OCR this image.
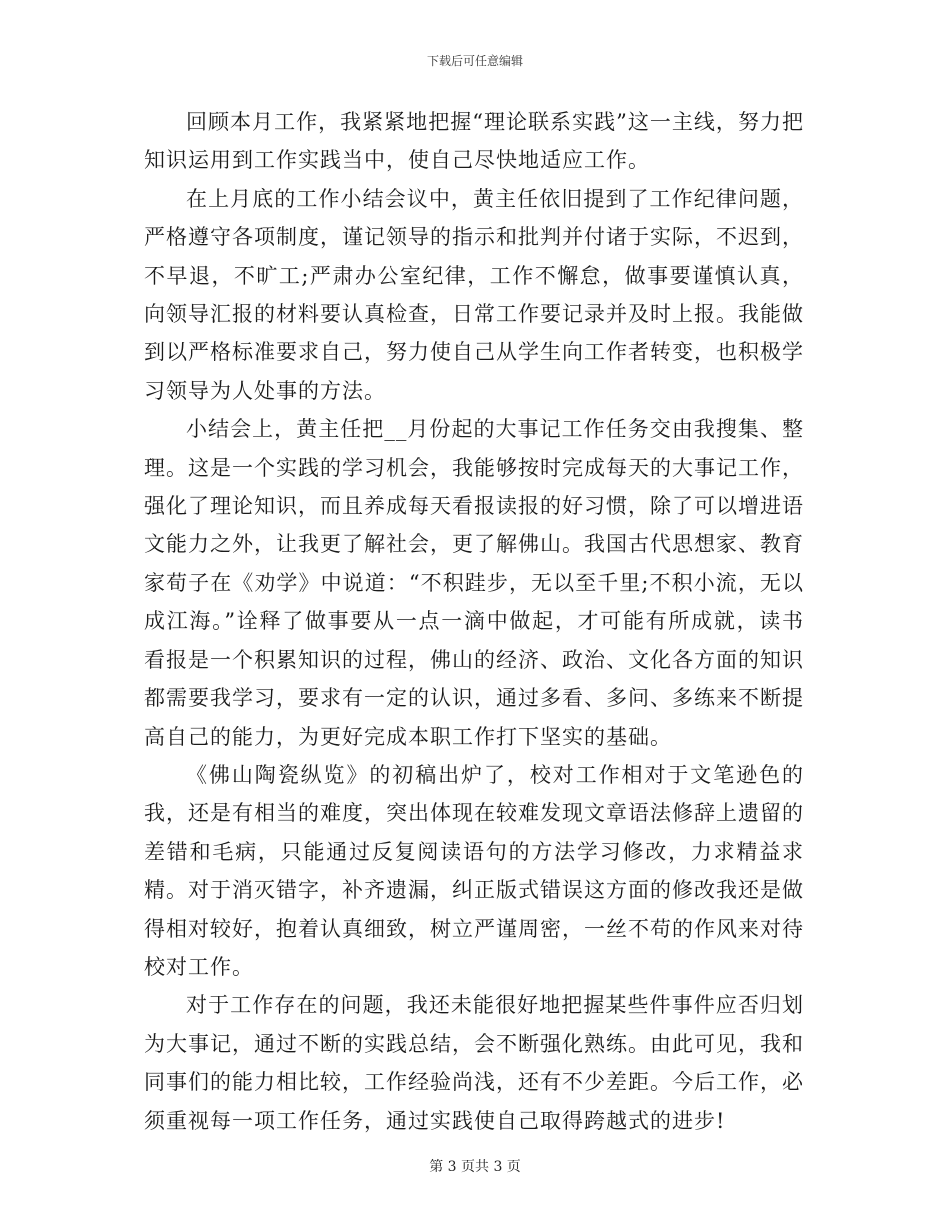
下载后可任意编辑

回顾本月工作，我紧紧地把握“理论联系实践”这一主线，努力把知识运用到工作实践当中，使自己尽快地适应工作。

在上月底的工作小结会议中，黄主任依旧提到了工作纪律问题，严格遵守各项制度，谨记领导的指示和批判并付诸于实际，不迟到，不早退，不旷工;严肃办公室纪律，工作不懈怠，做事要谨慎认真，向领导汇报的材料要认真检查，日常工作要记录并及时上报。我能做到以严格标准要求自己，努力使自己从学生向工作者转变，也积极学习领导为人处事的方法。

小结会上，黄主任把__月份起的大事记工作任务交由我搜集、整理。这是一个实践的学习机会，我能够按时完成每天的大事记工作，强化了理论知识，而且养成每天看报读报的好习惯，除了可以增进语文能力之外，让我更了解社会，更了解佛山。我国古代思想家、教育家荀子在《劝学》中说道：“不积跬步，无以至千里;不积小流，无以成江海。”诠释了做事要从一点一滴中做起，才可能有所成就，读书看报是一个积累知识的过程，佛山的经济、政治、文化各方面的知识都需要我学习，要求有一定的认识，通过多看、多问、多练来不断提高自己的能力，为更好完成本职工作打下坚实的基础。

《佛山陶瓷纵览》的初稿出炉了，校对工作相对于文笔逊色的我，还是有相当的难度，突出体现在较难发现文章语法修辞上遗留的差错和毛病，只能通过反复阅读语句的方法学习修改，力求精益求精。对于消灭错字，补齐遗漏，纠正版式错误这方面的修改我还是做得相对较好，抱着认真细致，树立严谨周密，一丝不苟的作风来对待校对工作。

对于工作存在的问题，我还未能很好地把握某些件事件应否归划为大事记，通过不断的实践总结，会不断强化熟练。由此可见，我和同事们的能力相比较，工作经验尚浅，还有不少差距。今后工作，必须重视每一项工作任务，通过实践使自己取得跨越式的进步!

第 3 页共 3 页
